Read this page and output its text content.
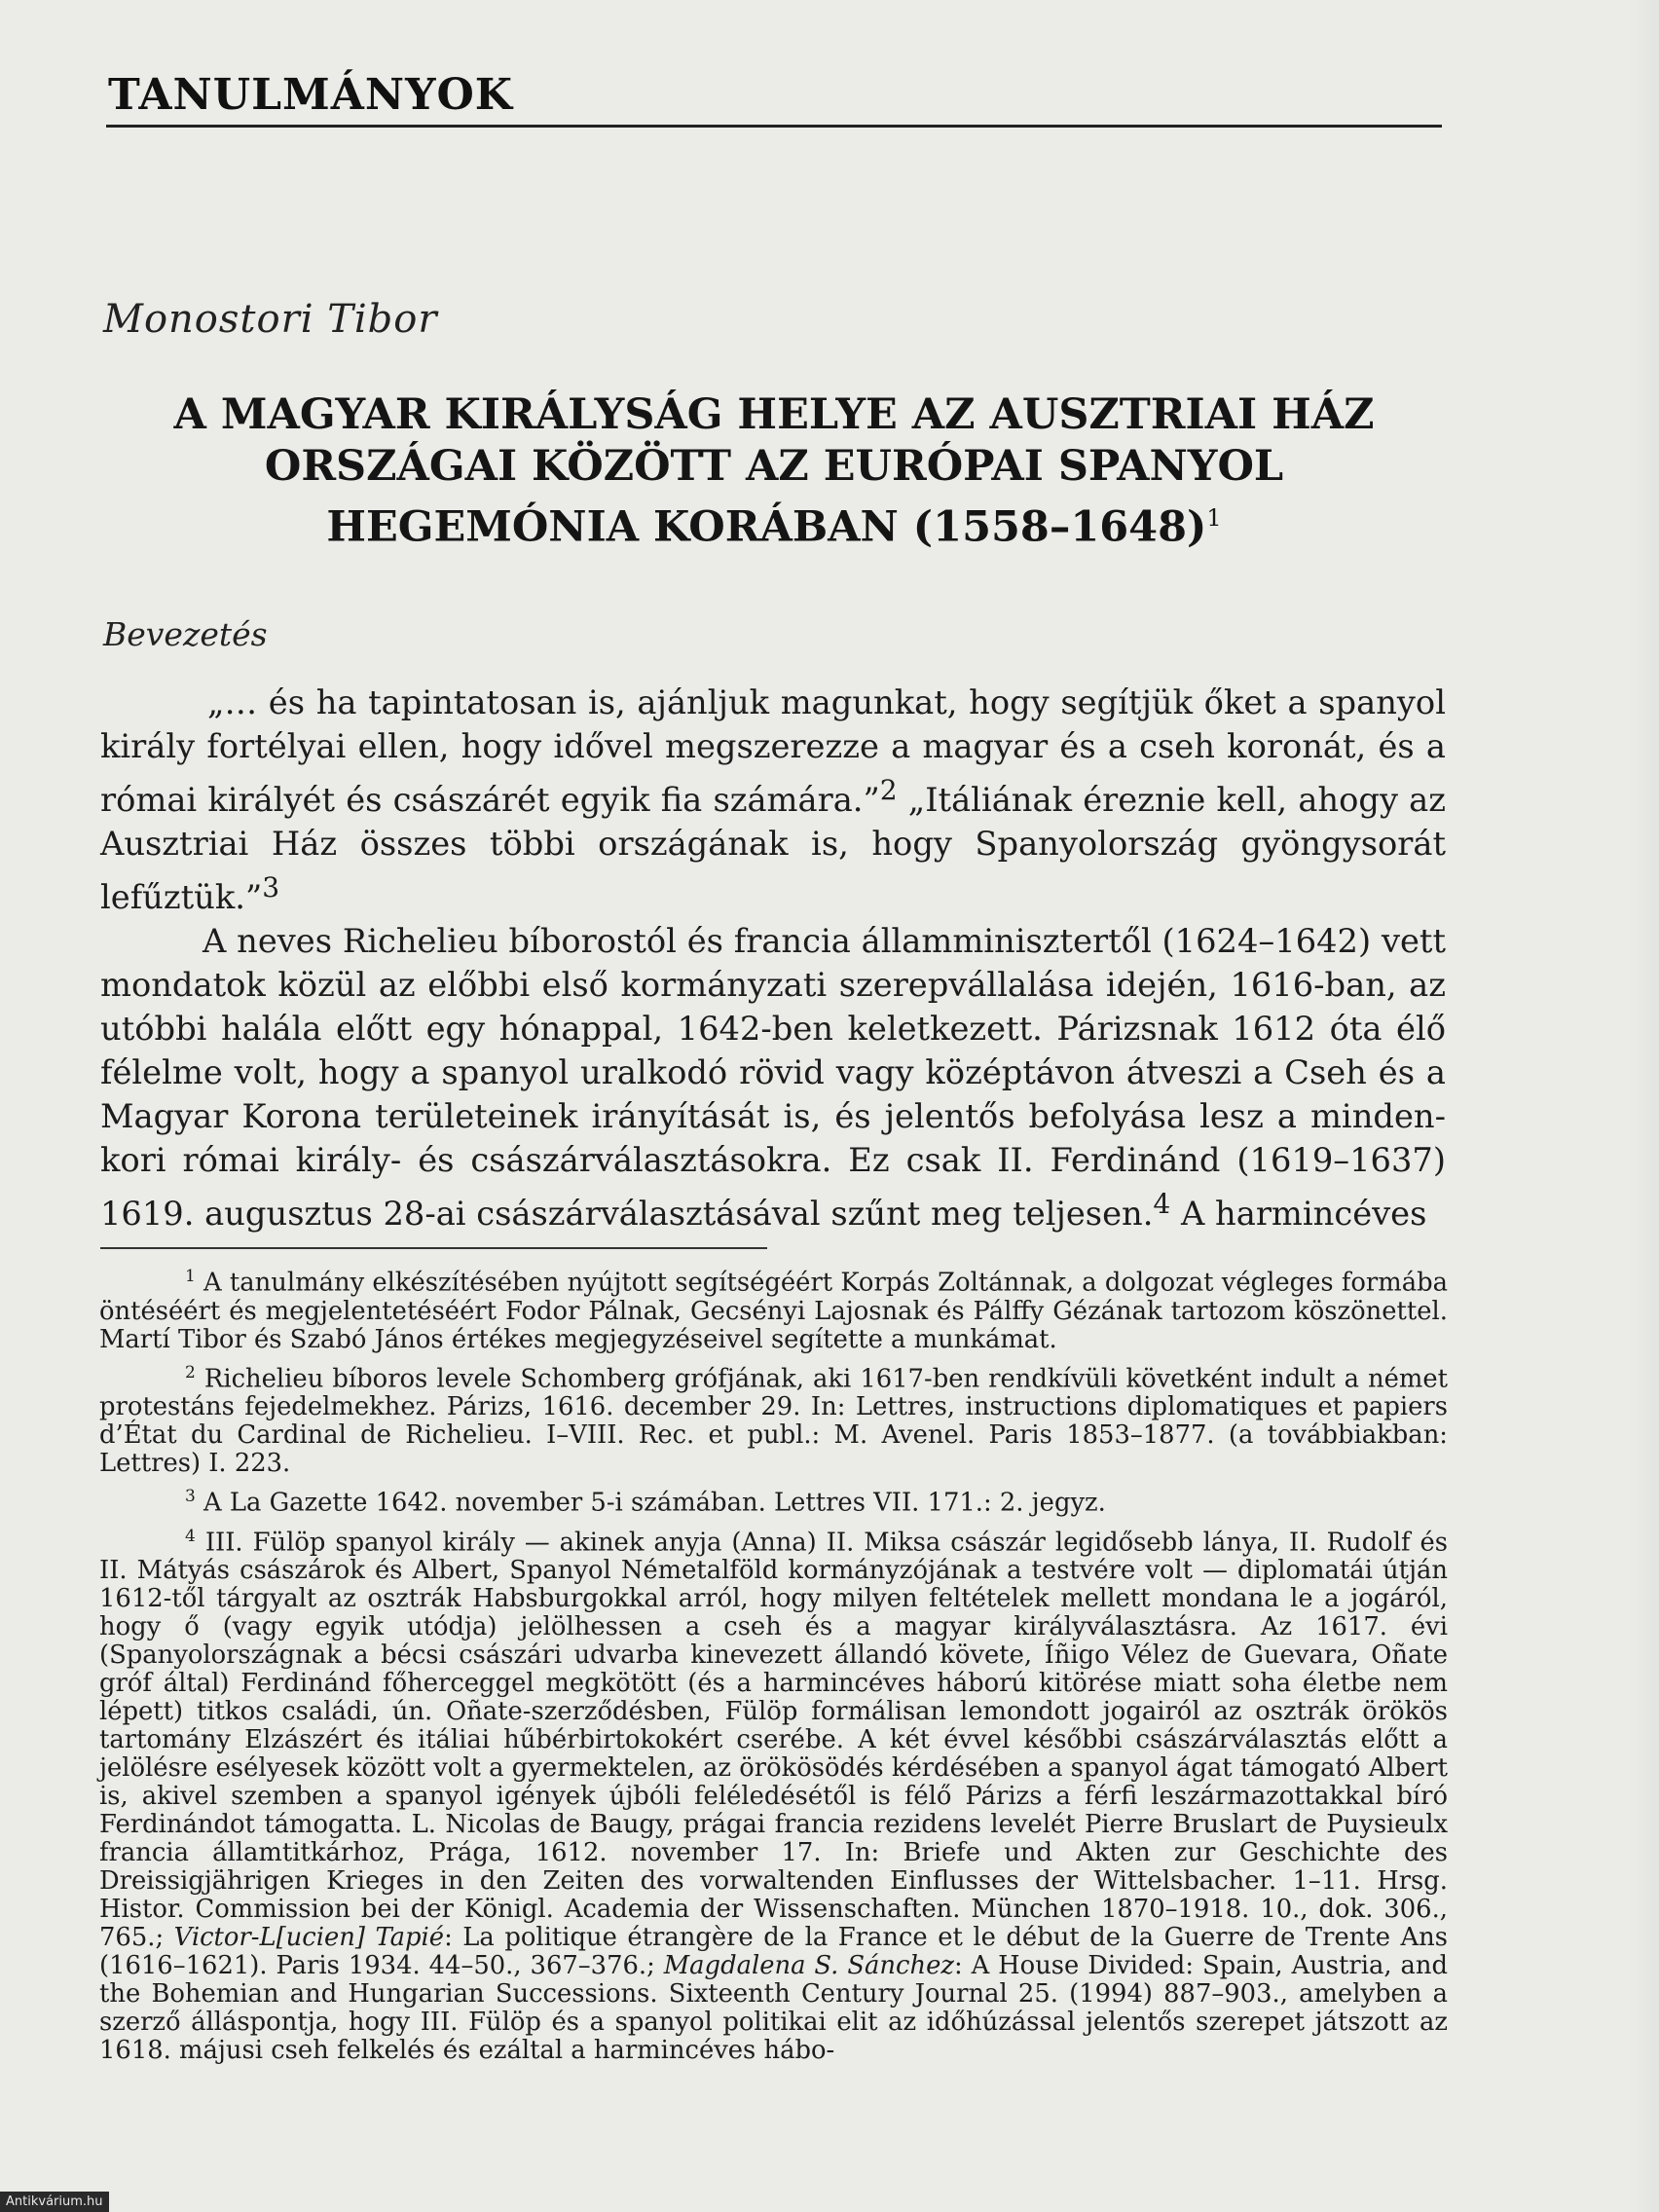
TANULMÁNYOK
Monostori Tibor
A MAGYAR KIRÁLYSÁG HELYE AZ AUSZTRIAI HÁZ
ORSZÁGAI KÖZÖTT AZ EURÓPAI SPANYOL
HEGEMÓNIA KORÁBAN (1558–1648)$^1$
Bevezetés

„… és ha tapintatosan is, ajánljuk magunkat, hogy segítjük őket a spanyol király fortélyai ellen, hogy idővel megszerezze a magyar és a cseh koronát, és a római királyét és császárét egyik fia számára.”$^2$ „Itáliának éreznie kell, ahogy az Ausztriai Ház összes többi országának is, hogy Spanyolország gyöngysorát lefűztük.”$^3$

A neves Richelieu bíborostól és francia államminisztertől (1624–1642) vett mondatok közül az előbbi első kormányzati szerepvállalása idején, 1616-ban, az utóbbi halála előtt egy hónappal, 1642-ben keletkezett. Párizsnak 1612 óta élő félelme volt, hogy a spanyol uralkodó rövid vagy középtávon átveszi a Cseh és a Magyar Korona területeinek irányítását is, és jelentős befolyása lesz a mindenkori római király- és császárválasztásokra. Ez csak II. Ferdinánd (1619–1637) 1619. augusztus 28-ai császárválasztásával szűnt meg teljesen.$^4$ A harmincéves

$^1$ A tanulmány elkészítésében nyújtott segítségéért Korpás Zoltánnak, a dolgozat végleges formába öntéséért és megjelentetéséért Fodor Pálnak, Gecsényi Lajosnak és Pálffy Gézának tartozom köszönettel. Martí Tibor és Szabó János értékes megjegyzéseivel segítette a munkámat.

$^2$ Richelieu bíboros levele Schomberg grófjának, aki 1617-ben rendkívüli követként indult a német protestáns fejedelmekhez. Párizs, 1616. december 29. In: Lettres, instructions diplomatiques et papiers d’État du Cardinal de Richelieu. I–VIII. Rec. et publ.: M. Avenel. Paris 1853–1877. (a továbbiakban: Lettres) I. 223.

$^3$ A La Gazette 1642. november 5-i számában. Lettres VII. 171.: 2. jegyz.

$^4$ III. Fülöp spanyol király — akinek anyja (Anna) II. Miksa császár legidősebb lánya, II. Rudolf és II. Mátyás császárok és Albert, Spanyol Németalföld kormányzójának a testvére volt — diplomatái útján 1612-től tárgyalt az osztrák Habsburgokkal arról, hogy milyen feltételek mellett mondana le a jogáról, hogy ő (vagy egyik utódja) jelölhessen a cseh és a magyar királyválasztásra. Az 1617. évi (Spanyolországnak a bécsi császári udvarba kinevezett állandó követe, Íñigo Vélez de Guevara, Oñate gróf által) Ferdinánd főherceggel megkötött (és a harmincéves háború kitörése miatt soha életbe nem lépett) titkos családi, ún. Oñate-szerződésben, Fülöp formálisan lemondott jogairól az osztrák örökös tartomány Elzászért és itáliai hűbérbirtokokért cserébe. A két évvel későbbi császárválasztás előtt a jelölésre esélyesek között volt a gyermektelen, az örökösödés kérdésében a spanyol ágat támogató Albert is, akivel szemben a spanyol igények újbóli feléledésétől is félő Párizs a férfi leszármazottakkal bíró Ferdinándot támogatta. L. Nicolas de Baugy, prágai francia rezidens levelét Pierre Bruslart de Puysieulx francia államtitkárhoz, Prága, 1612. november 17. In: Briefe und Akten zur Geschichte des Dreissigjährigen Krieges in den Zeiten des vorwaltenden Einflusses der Wittelsbacher. 1–11. Hrsg. Histor. Commission bei der Königl. Academia der Wissenschaften. München 1870–1918. 10., dok. 306., 765.; Victor-L[ucien] Tapié: La politique étrangère de la France et le début de la Guerre de Trente Ans (1616–1621). Paris 1934. 44–50., 367–376.; Magdalena S. Sánchez: A House Divided: Spain, Austria, and the Bohemian and Hungarian Successions. Sixteenth Century Journal 25. (1994) 887–903., amelyben a szerző álláspontja, hogy III. Fülöp és a spanyol politikai elit az időhúzással jelentős szerepet játszott az 1618. májusi cseh felkelés és ezáltal a harmincéves hábo-

Antikvárium.hu
